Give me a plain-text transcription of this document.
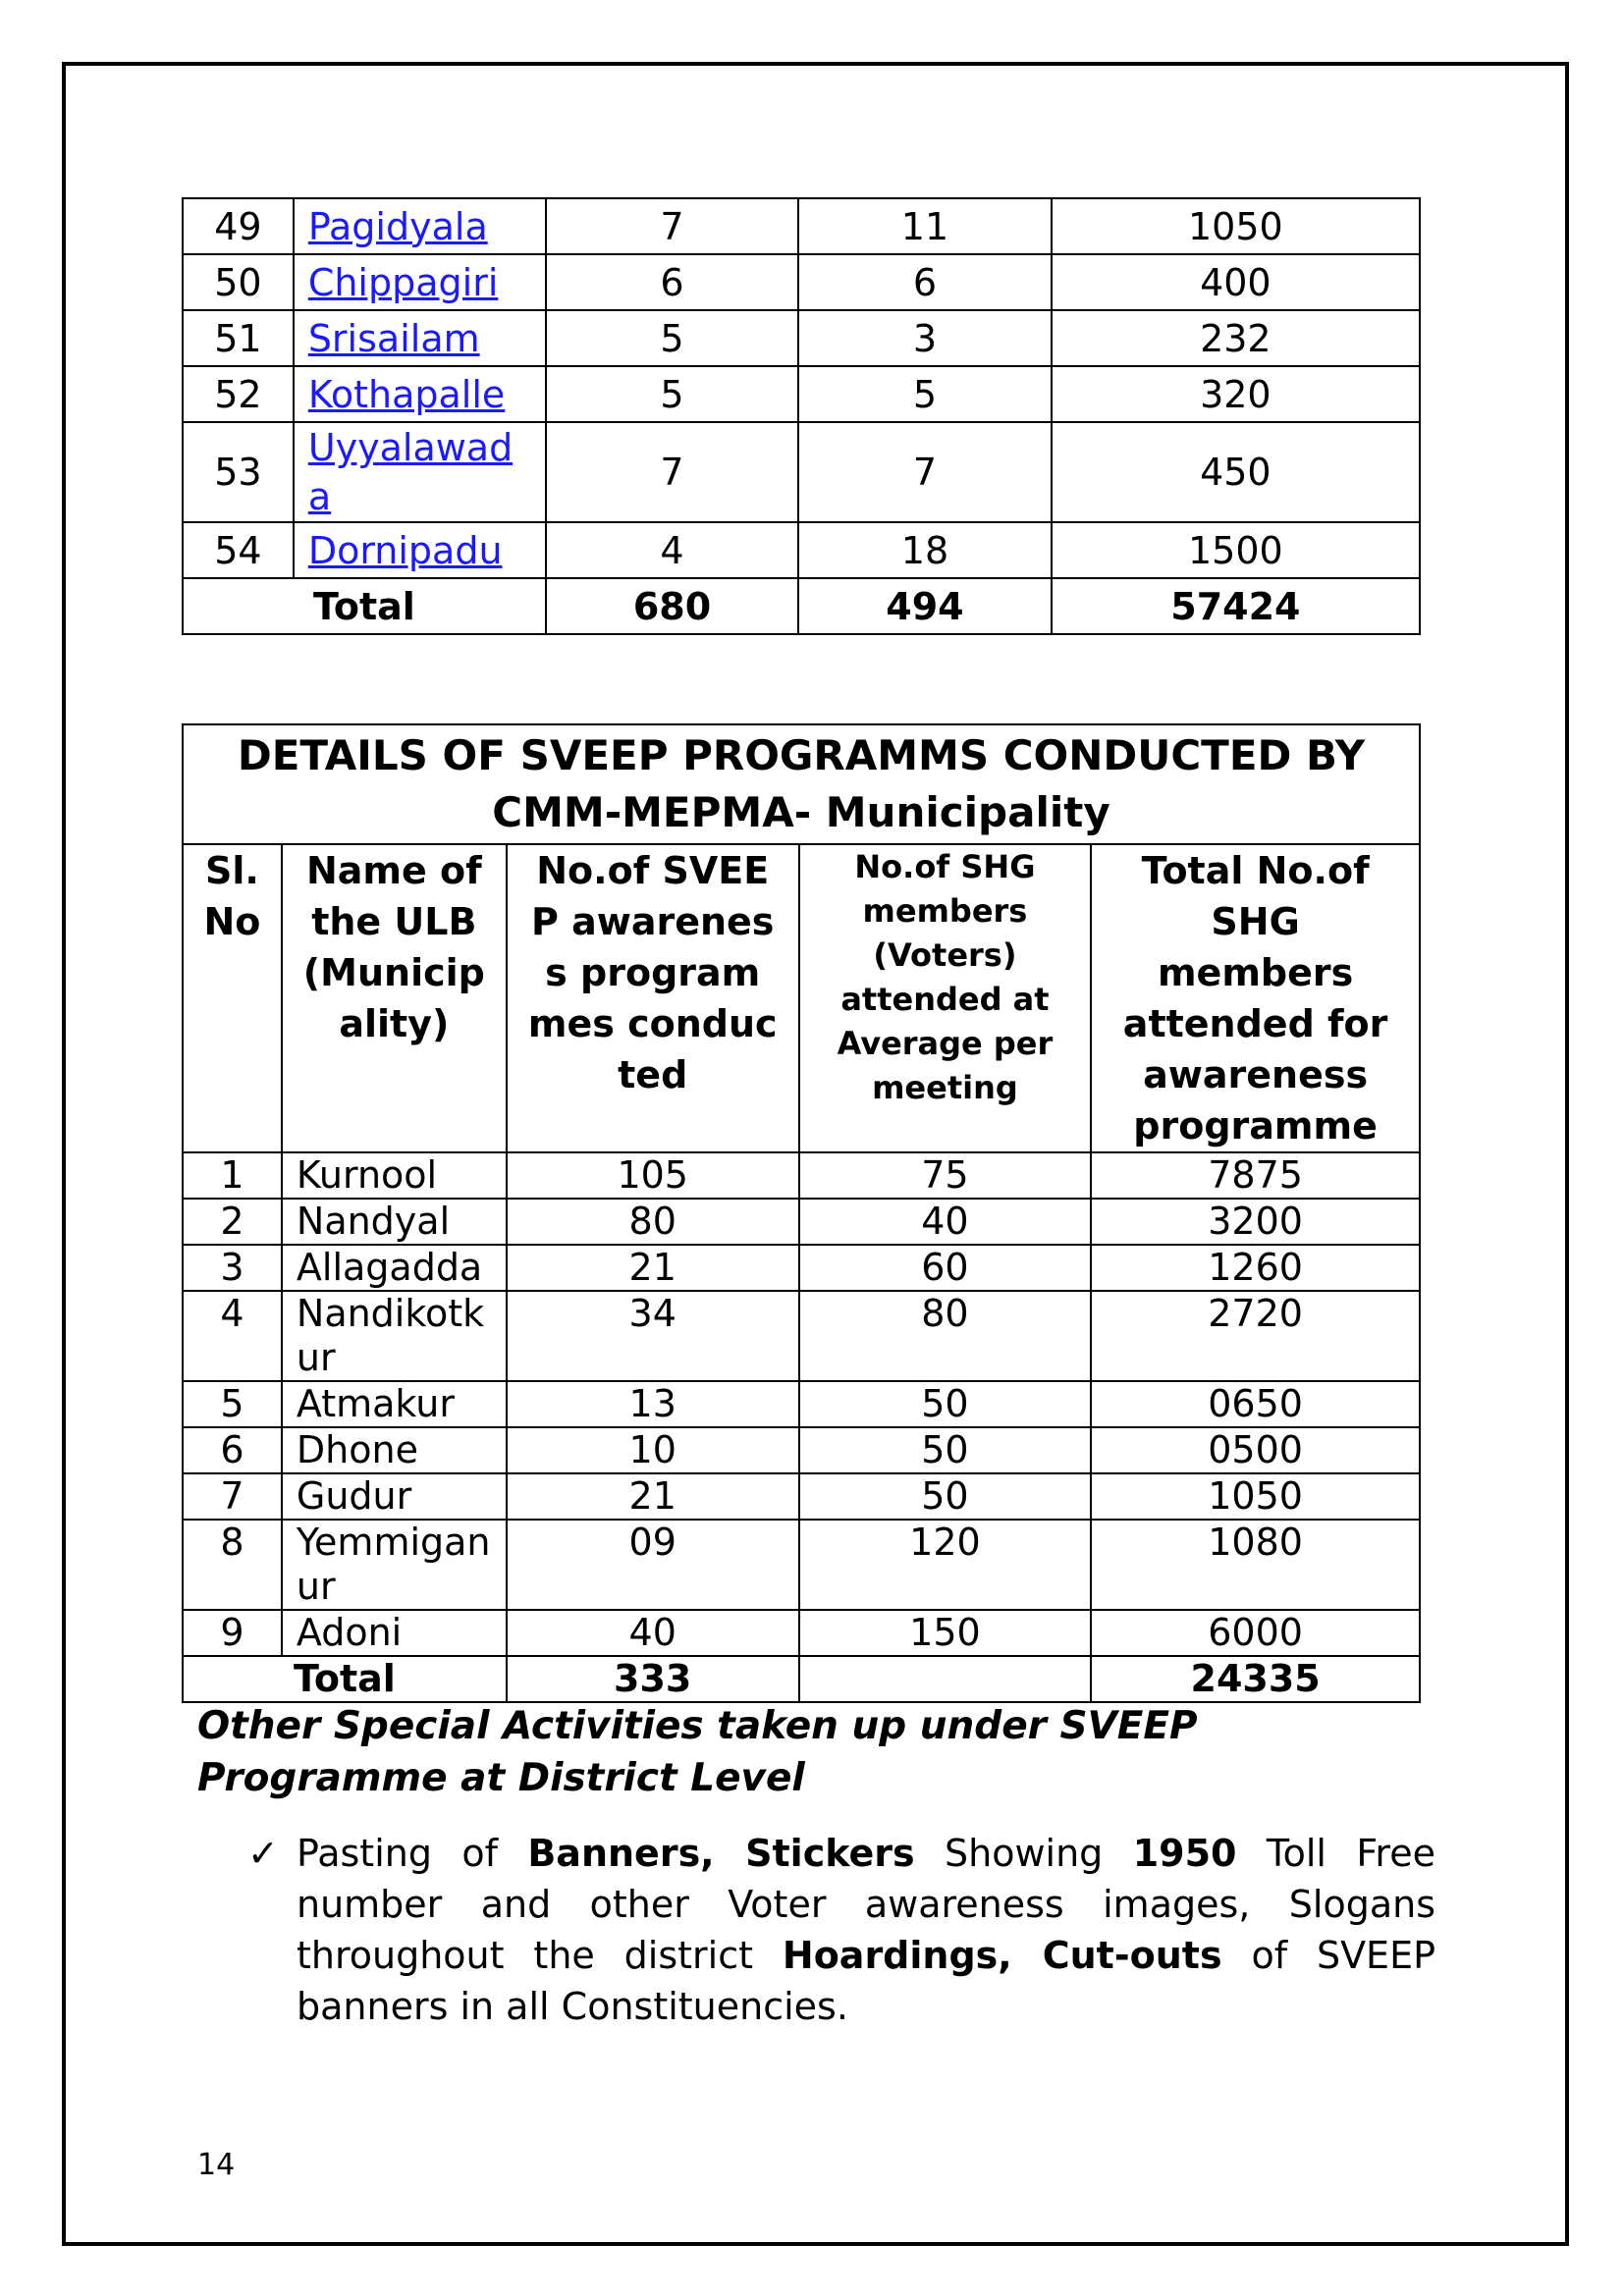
49	Pagidyala	7	11	1050
50	Chippagiri	6	6	400
51	Srisailam	5	3	232
52	Kothapalle	5	5	320
53	Uyyalawada	7	7	450
54	Dornipadu	4	18	1500
Total		680	494	57424
DETAILS OF SVEEP PROGRAMMS CONDUCTED BY CMM-MEPMA- Municipality				
Sl. No	Name of the ULB(Municipality)	No.of SVEEP awareness programmes conducted	No.of SHG members (Voters) attended at Average per meeting	Total No.of SHG members attended for awareness programme
1	Kurnool	105	75	7875
2	Nandyal	80	40	3200
3	Allagadda	21	60	1260
4	Nandikotkur	34	80	2720
5	Atmakur	13	50	0650
6	Dhone	10	50	0500
7	Gudur	21	50	1050
8	Yemmiganur	09	120	1080
9	Adoni	40	150	6000
Total		333		24335

Other Special Activities taken up under SVEEP Programme at District Level

✓ Pasting of Banners, Stickers Showing 1950 Toll Free number and other Voter awareness images, Slogans throughout the district Hoardings, Cut-outs of SVEEP banners in all Constituencies.

14
